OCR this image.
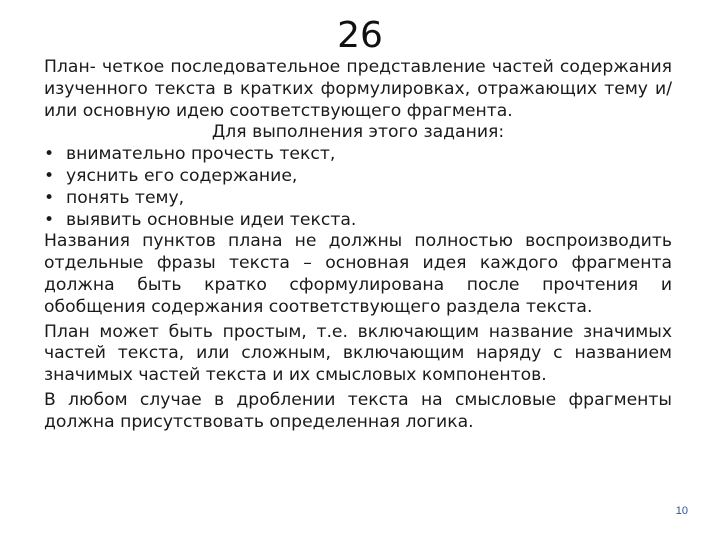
26

План- четкое последовательное представление частей содержания изученного текста в кратких формулировках, отражающих тему и/или основную идею соответствующего фрагмента.

Для выполнения этого задания:

• внимательно прочесть текст,
• уяснить его содержание,
• понять тему,
• выявить основные идеи текста.

Названия пунктов плана не должны полностью воспроизводить отдельные фразы текста – основная идея каждого фрагмента должна быть кратко сформулирована после прочтения и обобщения содержания соответствующего раздела текста.

План может быть простым, т.е. включающим название значимых частей текста, или сложным, включающим наряду с названием значимых частей текста и их смысловых компонентов.

В любом случае в дроблении текста на смысловые фрагменты должна присутствовать определенная логика.

10
